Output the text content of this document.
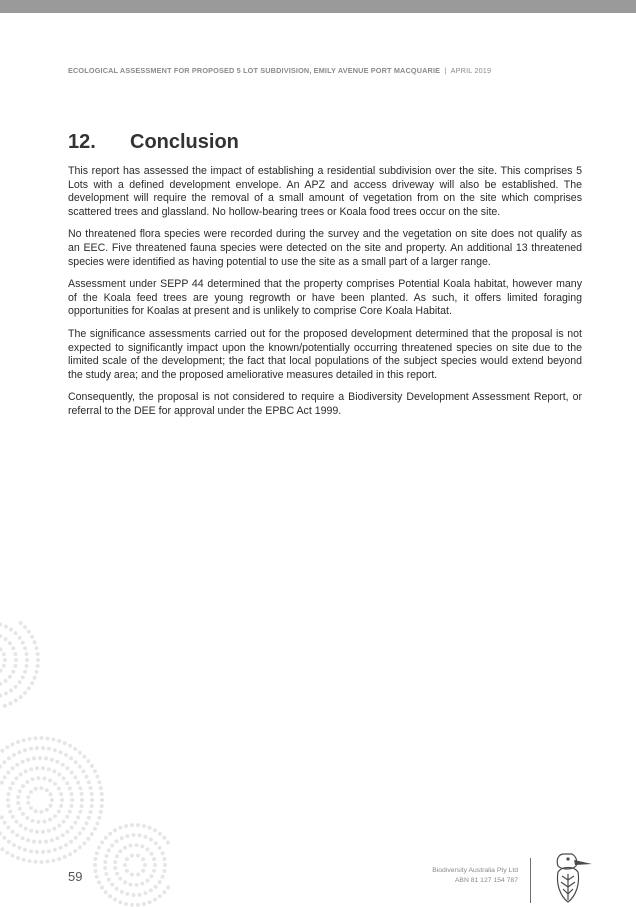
ECOLOGICAL ASSESSMENT FOR PROPOSED 5 LOT SUBDIVISION, EMILY AVENUE PORT MACQUARIE | APRIL 2019
12. Conclusion

This report has assessed the impact of establishing a residential subdivision over the site. This comprises 5 Lots with a defined development envelope. An APZ and access driveway will also be established. The development will require the removal of a small amount of vegetation from on the site which comprises scattered trees and glassland. No hollow-bearing trees or Koala food trees occur on the site.

No threatened flora species were recorded during the survey and the vegetation on site does not qualify as an EEC. Five threatened fauna species were detected on the site and property. An additional 13 threatened species were identified as having potential to use the site as a small part of a larger range.

Assessment under SEPP 44 determined that the property comprises Potential Koala habitat, however many of the Koala feed trees are young regrowth or have been planted. As such, it offers limited foraging opportunities for Koalas at present and is unlikely to comprise Core Koala Habitat.

The significance assessments carried out for the proposed development determined that the proposal is not expected to significantly impact upon the known/potentially occurring threatened species on site due to the limited scale of the development; the fact that local populations of the subject species would extend beyond the study area; and the proposed ameliorative measures detailed in this report.

Consequently, the proposal is not considered to require a Biodiversity Development Assessment Report, or referral to the DEE for approval under the EPBC Act 1999.

59	Biodiversity Australia Pty Ltd
ABN 81 127 154 787
